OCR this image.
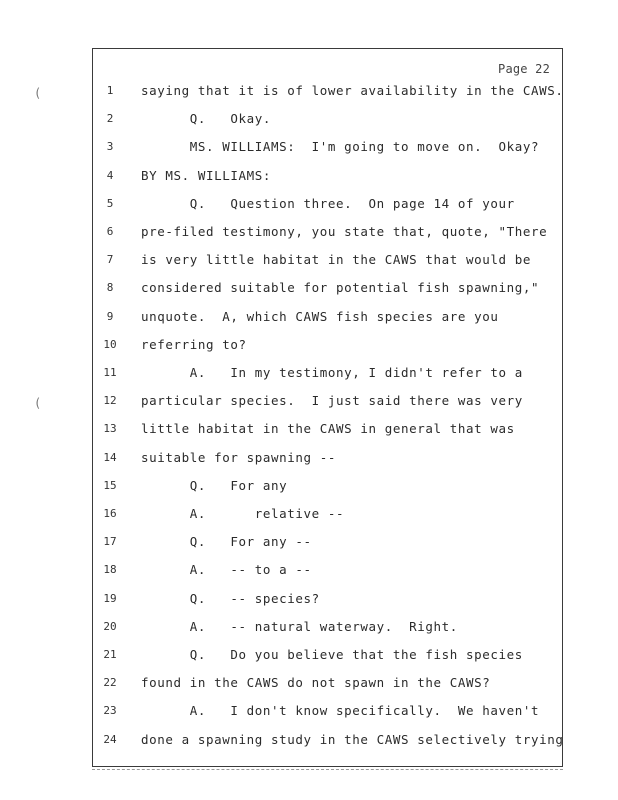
Page 22
1	saying that it is of lower availability in the CAWS.
2	Q.   Okay.
3	MS. WILLIAMS:  I'm going to move on.  Okay?
4	BY MS. WILLIAMS:
5	Q.   Question three.  On page 14 of your
6	pre-filed testimony, you state that, quote, "There
7	is very little habitat in the CAWS that would be
8	considered suitable for potential fish spawning,"
9	unquote.  A, which CAWS fish species are you
10	referring to?
11	A.   In my testimony, I didn't refer to a
12	particular species.  I just said there was very
13	little habitat in the CAWS in general that was
14	suitable for spawning --
15	Q.   For any
16	A.      relative --
17	Q.   For any --
18	A.   -- to a --
19	Q.   -- species?
20	A.   -- natural waterway.  Right.
21	Q.   Do you believe that the fish species
22	found in the CAWS do not spawn in the CAWS?
23	A.   I don't know specifically.  We haven't
24	done a spawning study in the CAWS selectively trying
(
(
